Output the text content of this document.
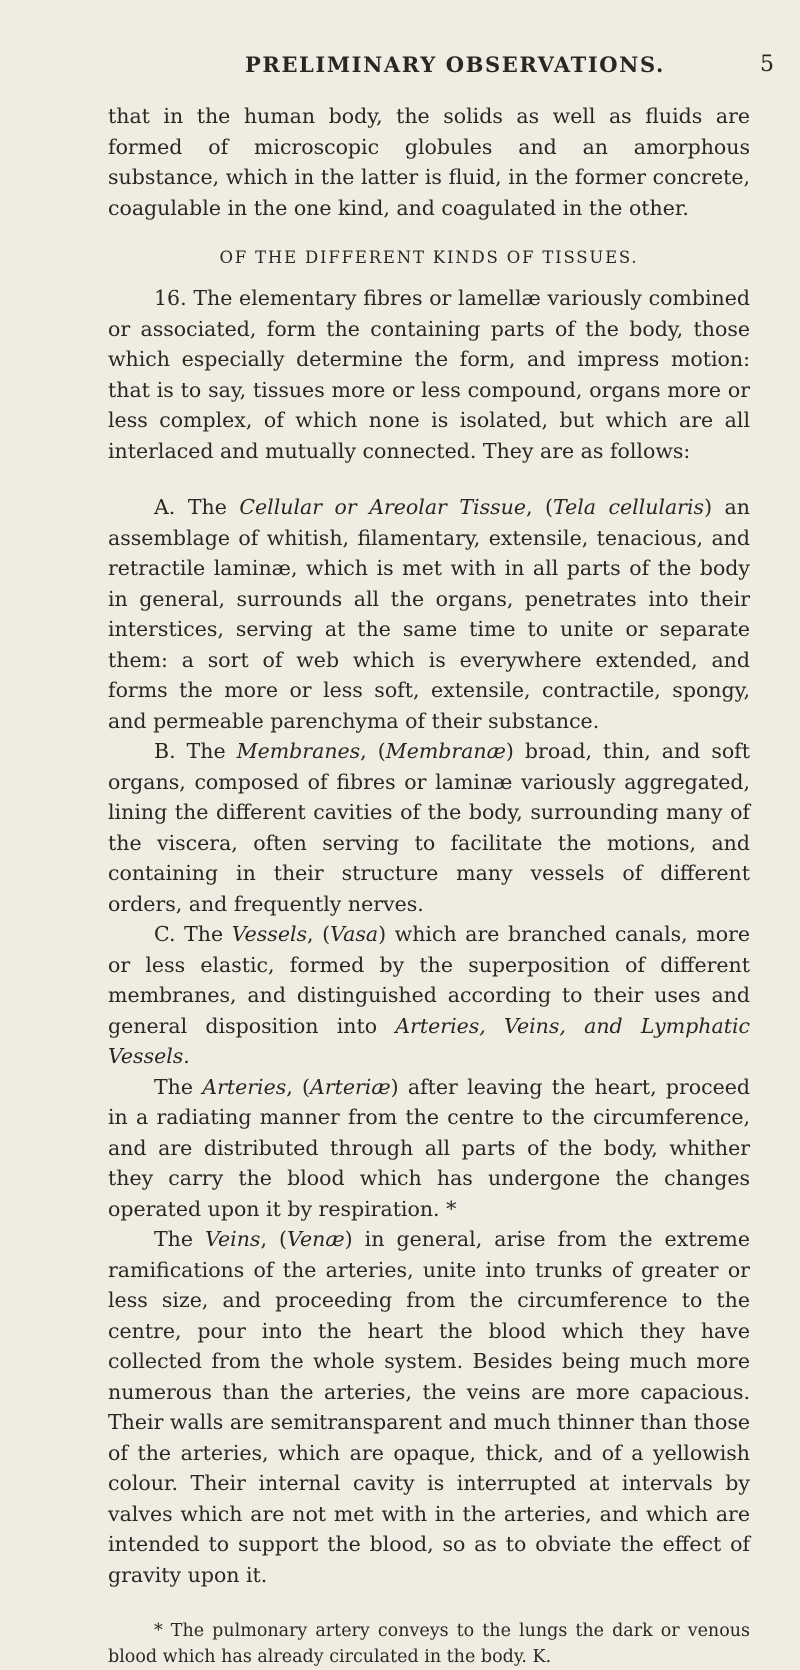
PRELIMINARY OBSERVATIONS.	5

that in the human body, the solids as well as fluids are formed of microscopic globules and an amorphous substance, which in the latter is fluid, in the former concrete, coagulable in the one kind, and coagulated in the other.

OF THE DIFFERENT KINDS OF TISSUES.

16. The elementary fibres or lamellæ variously combined or associated, form the containing parts of the body, those which especially determine the form, and impress motion: that is to say, tissues more or less compound, organs more or less complex, of which none is isolated, but which are all interlaced and mutually connected. They are as follows:

A. The Cellular or Areolar Tissue, (Tela cellularis) an assemblage of whitish, filamentary, extensile, tenacious, and retractile laminæ, which is met with in all parts of the body in general, surrounds all the organs, penetrates into their interstices, serving at the same time to unite or separate them: a sort of web which is everywhere extended, and forms the more or less soft, extensile, contractile, spongy, and permeable parenchyma of their substance.

B. The Membranes, (Membranæ) broad, thin, and soft organs, composed of fibres or laminæ variously aggregated, lining the different cavities of the body, surrounding many of the viscera, often serving to facilitate the motions, and containing in their structure many vessels of different orders, and frequently nerves.

C. The Vessels, (Vasa) which are branched canals, more or less elastic, formed by the superposition of different membranes, and distinguished according to their uses and general disposition into Arteries, Veins, and Lymphatic Vessels.

The Arteries, (Arteriæ) after leaving the heart, proceed in a radiating manner from the centre to the circumference, and are distributed through all parts of the body, whither they carry the blood which has undergone the changes operated upon it by respiration. *

The Veins, (Venæ) in general, arise from the extreme ramifications of the arteries, unite into trunks of greater or less size, and proceeding from the circumference to the centre, pour into the heart the blood which they have collected from the whole system. Besides being much more numerous than the arteries, the veins are more capacious. Their walls are semitransparent and much thinner than those of the arteries, which are opaque, thick, and of a yellowish colour. Their internal cavity is interrupted at intervals by valves which are not met with in the arteries, and which are intended to support the blood, so as to obviate the effect of gravity upon it.

* The pulmonary artery conveys to the lungs the dark or venous blood which has already circulated in the body. K.
